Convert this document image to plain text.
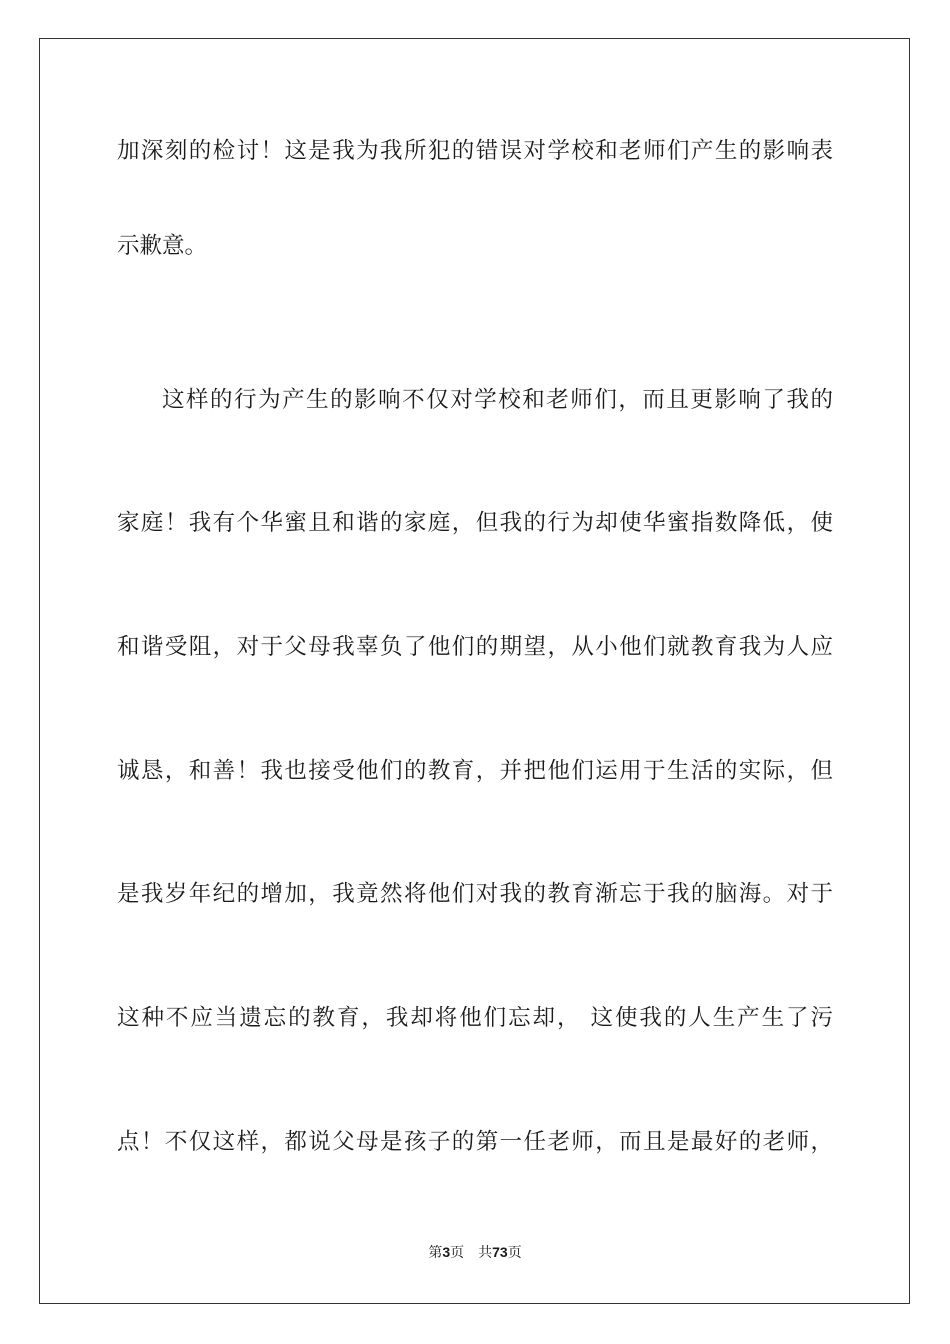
加深刻的检讨！这是我为我所犯的错误对学校和老师们产生的影响表
示歉意。
这样的行为产生的影响不仅对学校和老师们，而且更影响了我的
家庭！我有个华蜜且和谐的家庭，但我的行为却使华蜜指数降低，使
和谐受阻，对于父母我辜负了他们的期望，从小他们就教育我为人应
诚恳，和善！我也接受他们的教育，并把他们运用于生活的实际，但
是我岁年纪的增加，我竟然将他们对我的教育渐忘于我的脑海。对于
这种不应当遗忘的教育，我却将他们忘却， 这使我的人生产生了污
点！不仅这样，都说父母是孩子的第一任老师，而且是最好的老师，
第3页 共73页
